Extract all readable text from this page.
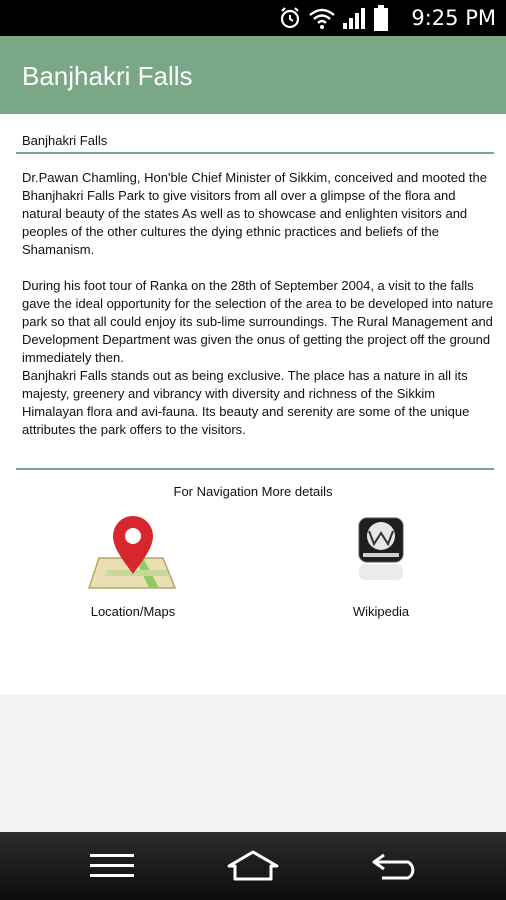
9:25 PM
Banjhakri Falls
Banjhakri Falls

Dr.Pawan Chamling, Hon'ble Chief Minister of Sikkim, conceived and mooted the Bhanjhakri Falls Park to give visitors from all over a glimpse of the flora and natural beauty of the states As well as to showcase and enlighten visitors and peoples of the other cultures the dying ethnic practices and beliefs of the Shamanism.

During his foot tour of Ranka on the 28th of September 2004, a visit to the falls gave the ideal opportunity for the selection of the area to be developed into nature park so that all could enjoy its sub-lime surroundings. The Rural Management and Development Department was given the onus of getting the project off the ground immediately then.

Banjhakri Falls stands out as being exclusive. The place has a nature in all its majesty, greenery and vibrancy with diversity and richness of the Sikkim Himalayan flora and avi-fauna. Its beauty and serenity are some of the unique attributes the park offers to the visitors.

For Navigation More details
Location/Maps	Wikipedia
